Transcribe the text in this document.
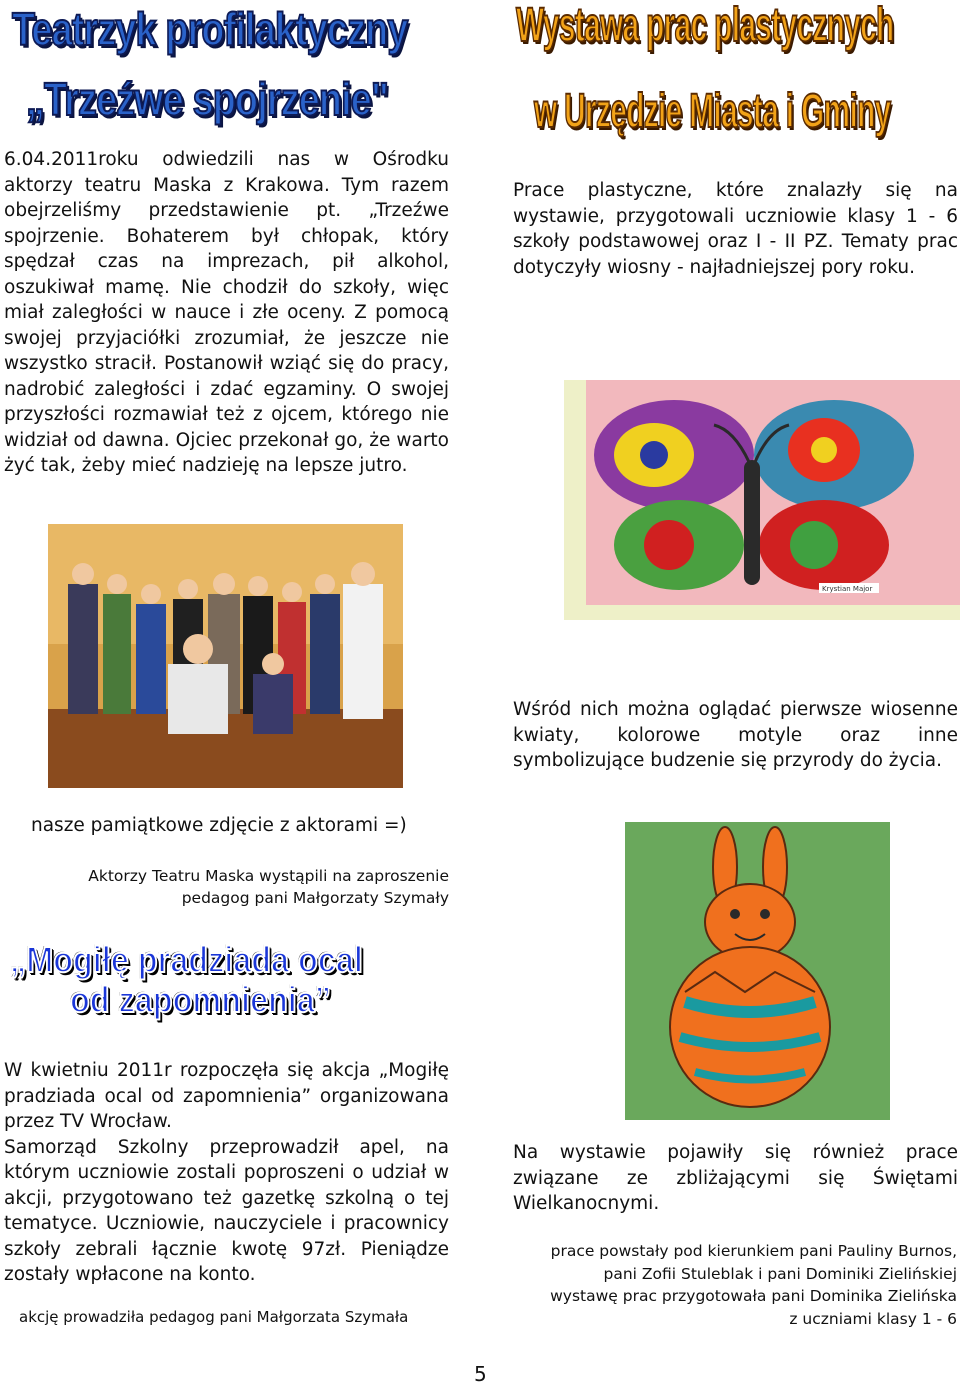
Teatrzyk profilaktyczny
„Trzeźwe spojrzenie"
6.04.2011roku odwiedzili nas w Ośrodku aktorzy teatru Maska z Krakowa. Tym razem obejrzeliśmy przedstawienie pt. „Trzeźwe spojrzenie. Bohaterem był chłopak, który spędzał czas na imprezach, pił alkohol, oszukiwał mamę. Nie chodził do szkoły, więc miał zaległości w nauce i złe oceny. Z pomocą swojej przyjaciółki zrozumiał, że jeszcze nie wszystko stracił. Postanowił wziąć się do pracy, nadrobić zaległości i zdać egzaminy. O swojej przyszłości rozmawiał też z ojcem, którego nie widział od dawna. Ojciec przekonał go, że warto żyć tak, żeby mieć nadzieję na lepsze jutro.
nasze pamiątkowe zdjęcie z aktorami =)
Aktorzy Teatru Maska wystąpili na zaproszenie
pedagog pani Małgorzaty Szymały
„Mogiłę pradziada ocal
od zapomnienia”
W kwietniu 2011r rozpoczęła się akcja „Mogiłę pradziada ocal od zapomnienia” organizowana przez TV Wrocław.
Samorząd Szkolny przeprowadził apel, na którym uczniowie zostali poproszeni o udział w akcji, przygotowano też gazetkę szkolną o tej tematyce. Uczniowie, nauczyciele i pracownicy szkoły zebrali łącznie kwotę 97zł. Pieniądze zostały wpłacone na konto.
akcję prowadziła pedagog pani Małgorzata Szymała
Wystawa prac plastycznych
w Urzędzie Miasta i Gminy
Prace plastyczne, które znalazły się na wystawie, przygotowali uczniowie klasy 1 - 6 szkoły podstawowej oraz I - II PZ. Tematy prac dotyczyły wiosny - najładniejszej pory roku.
Krystian Major
Wśród nich można oglądać pierwsze wiosenne kwiaty, kolorowe motyle oraz inne symbolizujące budzenie się przyrody do życia.
Na wystawie pojawiły się również prace związane ze zbliżającymi się Świętami Wielkanocnymi.
prace powstały pod kierunkiem pani Pauliny Burnos,
pani Zofii Stuleblak i pani Dominiki Zielińskiej
wystawę prac przygotowała pani Dominika Zielińska
z uczniami klasy 1 - 6
5
